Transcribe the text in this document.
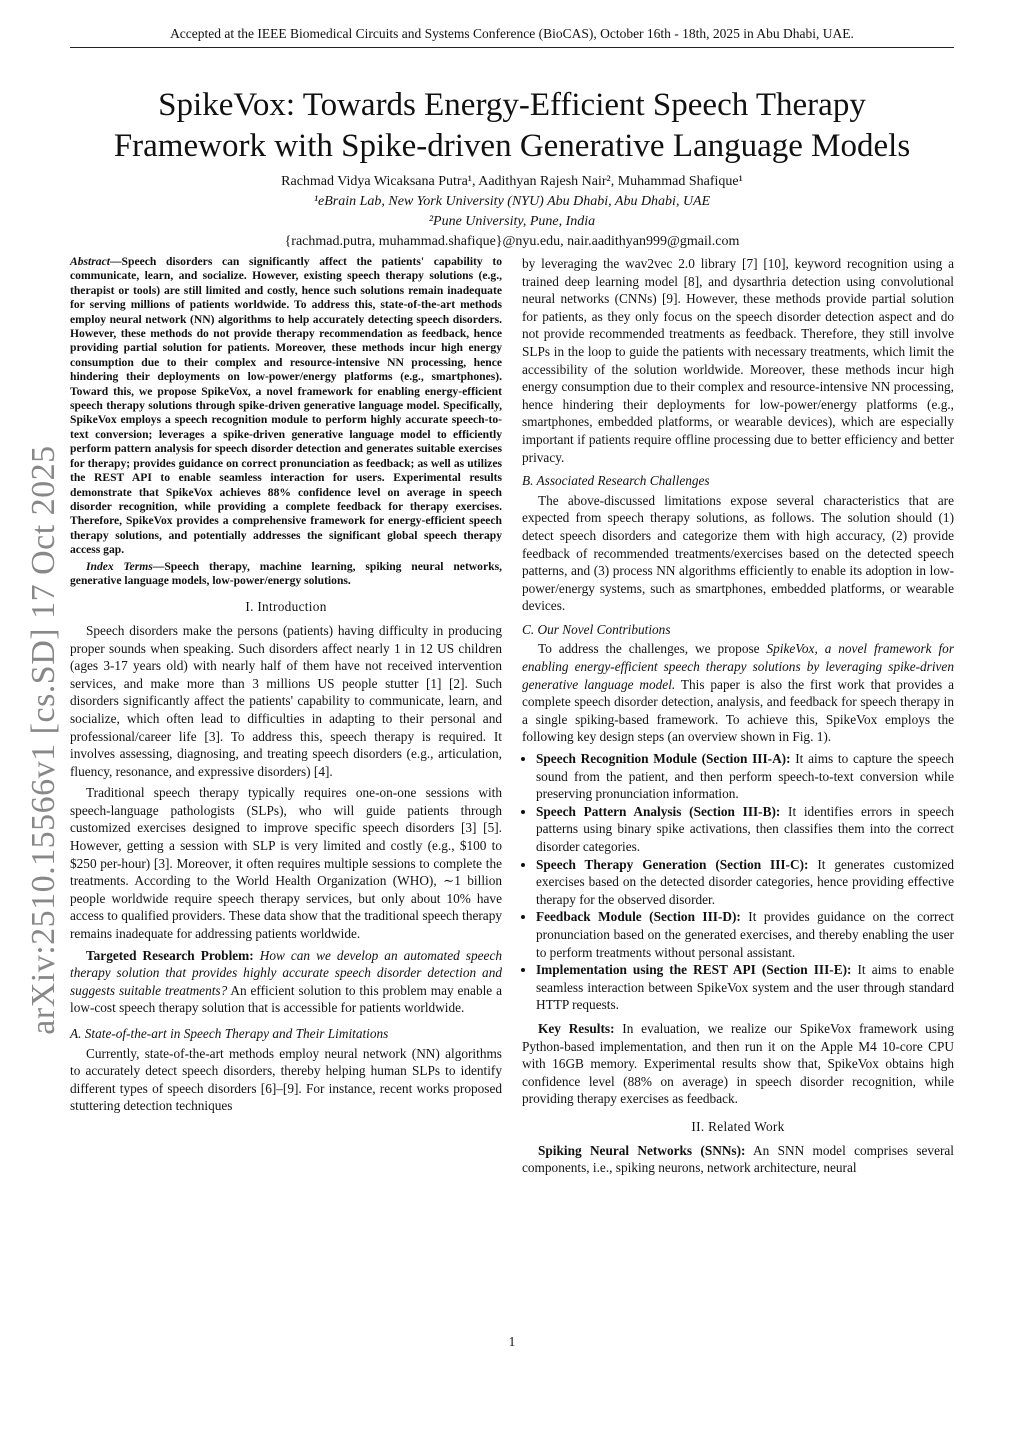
Accepted at the IEEE Biomedical Circuits and Systems Conference (BioCAS), October 16th - 18th, 2025 in Abu Dhabi, UAE.
arXiv:2510.15566v1 [cs.SD] 17 Oct 2025
SpikeVox: Towards Energy-Efficient Speech Therapy
Framework with Spike-driven Generative Language Models
Rachmad Vidya Wicaksana Putra¹, Aadithyan Rajesh Nair², Muhammad Shafique¹
¹eBrain Lab, New York University (NYU) Abu Dhabi, Abu Dhabi, UAE
²Pune University, Pune, India
{rachmad.putra, muhammad.shafique}@nyu.edu, nair.aadithyan999@gmail.com

Abstract—Speech disorders can significantly affect the patients' capability to communicate, learn, and socialize. However, existing speech therapy solutions (e.g., therapist or tools) are still limited and costly, hence such solutions remain inadequate for serving millions of patients worldwide. To address this, state-of-the-art methods employ neural network (NN) algorithms to help accurately detecting speech disorders. However, these methods do not provide therapy recommendation as feedback, hence providing partial solution for patients. Moreover, these methods incur high energy consumption due to their complex and resource-intensive NN processing, hence hindering their deployments on low-power/energy platforms (e.g., smartphones). Toward this, we propose SpikeVox, a novel framework for enabling energy-efficient speech therapy solutions through spike-driven generative language model. Specifically, SpikeVox employs a speech recognition module to perform highly accurate speech-to-text conversion; leverages a spike-driven generative language model to efficiently perform pattern analysis for speech disorder detection and generates suitable exercises for therapy; provides guidance on correct pronunciation as feedback; as well as utilizes the REST API to enable seamless interaction for users. Experimental results demonstrate that SpikeVox achieves 88% confidence level on average in speech disorder recognition, while providing a complete feedback for therapy exercises. Therefore, SpikeVox provides a comprehensive framework for energy-efficient speech therapy solutions, and potentially addresses the significant global speech therapy access gap.

Index Terms—Speech therapy, machine learning, spiking neural networks, generative language models, low-power/energy solutions.

I. Introduction

Speech disorders make the persons (patients) having difficulty in producing proper sounds when speaking. Such disorders affect nearly 1 in 12 US children (ages 3-17 years old) with nearly half of them have not received intervention services, and make more than 3 millions US people stutter [1] [2]. Such disorders significantly affect the patients' capability to communicate, learn, and socialize, which often lead to difficulties in adapting to their personal and professional/career life [3]. To address this, speech therapy is required. It involves assessing, diagnosing, and treating speech disorders (e.g., articulation, fluency, resonance, and expressive disorders) [4].

Traditional speech therapy typically requires one-on-one sessions with speech-language pathologists (SLPs), who will guide patients through customized exercises designed to improve specific speech disorders [3] [5]. However, getting a session with SLP is very limited and costly (e.g., $100 to $250 per-hour) [3]. Moreover, it often requires multiple sessions to complete the treatments. According to the World Health Organization (WHO), ∼1 billion people worldwide require speech therapy services, but only about 10% have access to qualified providers. These data show that the traditional speech therapy remains inadequate for addressing patients worldwide.

Targeted Research Problem: How can we develop an automated speech therapy solution that provides highly accurate speech disorder detection and suggests suitable treatments? An efficient solution to this problem may enable a low-cost speech therapy solution that is accessible for patients worldwide.

A. State-of-the-art in Speech Therapy and Their Limitations

Currently, state-of-the-art methods employ neural network (NN) algorithms to accurately detect speech disorders, thereby helping human SLPs to identify different types of speech disorders [6]–[9]. For instance, recent works proposed stuttering detection techniques

by leveraging the wav2vec 2.0 library [7] [10], keyword recognition using a trained deep learning model [8], and dysarthria detection using convolutional neural networks (CNNs) [9]. However, these methods provide partial solution for patients, as they only focus on the speech disorder detection aspect and do not provide recommended treatments as feedback. Therefore, they still involve SLPs in the loop to guide the patients with necessary treatments, which limit the accessibility of the solution worldwide. Moreover, these methods incur high energy consumption due to their complex and resource-intensive NN processing, hence hindering their deployments for low-power/energy platforms (e.g., smartphones, embedded platforms, or wearable devices), which are especially important if patients require offline processing due to better efficiency and better privacy.

B. Associated Research Challenges

The above-discussed limitations expose several characteristics that are expected from speech therapy solutions, as follows. The solution should (1) detect speech disorders and categorize them with high accuracy, (2) provide feedback of recommended treatments/exercises based on the detected speech patterns, and (3) process NN algorithms efficiently to enable its adoption in low-power/energy systems, such as smartphones, embedded platforms, or wearable devices.

C. Our Novel Contributions

To address the challenges, we propose SpikeVox, a novel framework for enabling energy-efficient speech therapy solutions by leveraging spike-driven generative language model. This paper is also the first work that provides a complete speech disorder detection, analysis, and feedback for speech therapy in a single spiking-based framework. To achieve this, SpikeVox employs the following key design steps (an overview shown in Fig. 1).

• Speech Recognition Module (Section III-A): It aims to capture the speech sound from the patient, and then perform speech-to-text conversion while preserving pronunciation information.
• Speech Pattern Analysis (Section III-B): It identifies errors in speech patterns using binary spike activations, then classifies them into the correct disorder categories.
• Speech Therapy Generation (Section III-C): It generates customized exercises based on the detected disorder categories, hence providing effective therapy for the observed disorder.
• Feedback Module (Section III-D): It provides guidance on the correct pronunciation based on the generated exercises, and thereby enabling the user to perform treatments without personal assistant.
• Implementation using the REST API (Section III-E): It aims to enable seamless interaction between SpikeVox system and the user through standard HTTP requests.

Key Results: In evaluation, we realize our SpikeVox framework using Python-based implementation, and then run it on the Apple M4 10-core CPU with 16GB memory. Experimental results show that, SpikeVox obtains high confidence level (88% on average) in speech disorder recognition, while providing therapy exercises as feedback.

II. Related Work

Spiking Neural Networks (SNNs): An SNN model comprises several components, i.e., spiking neurons, network architecture, neural

1
